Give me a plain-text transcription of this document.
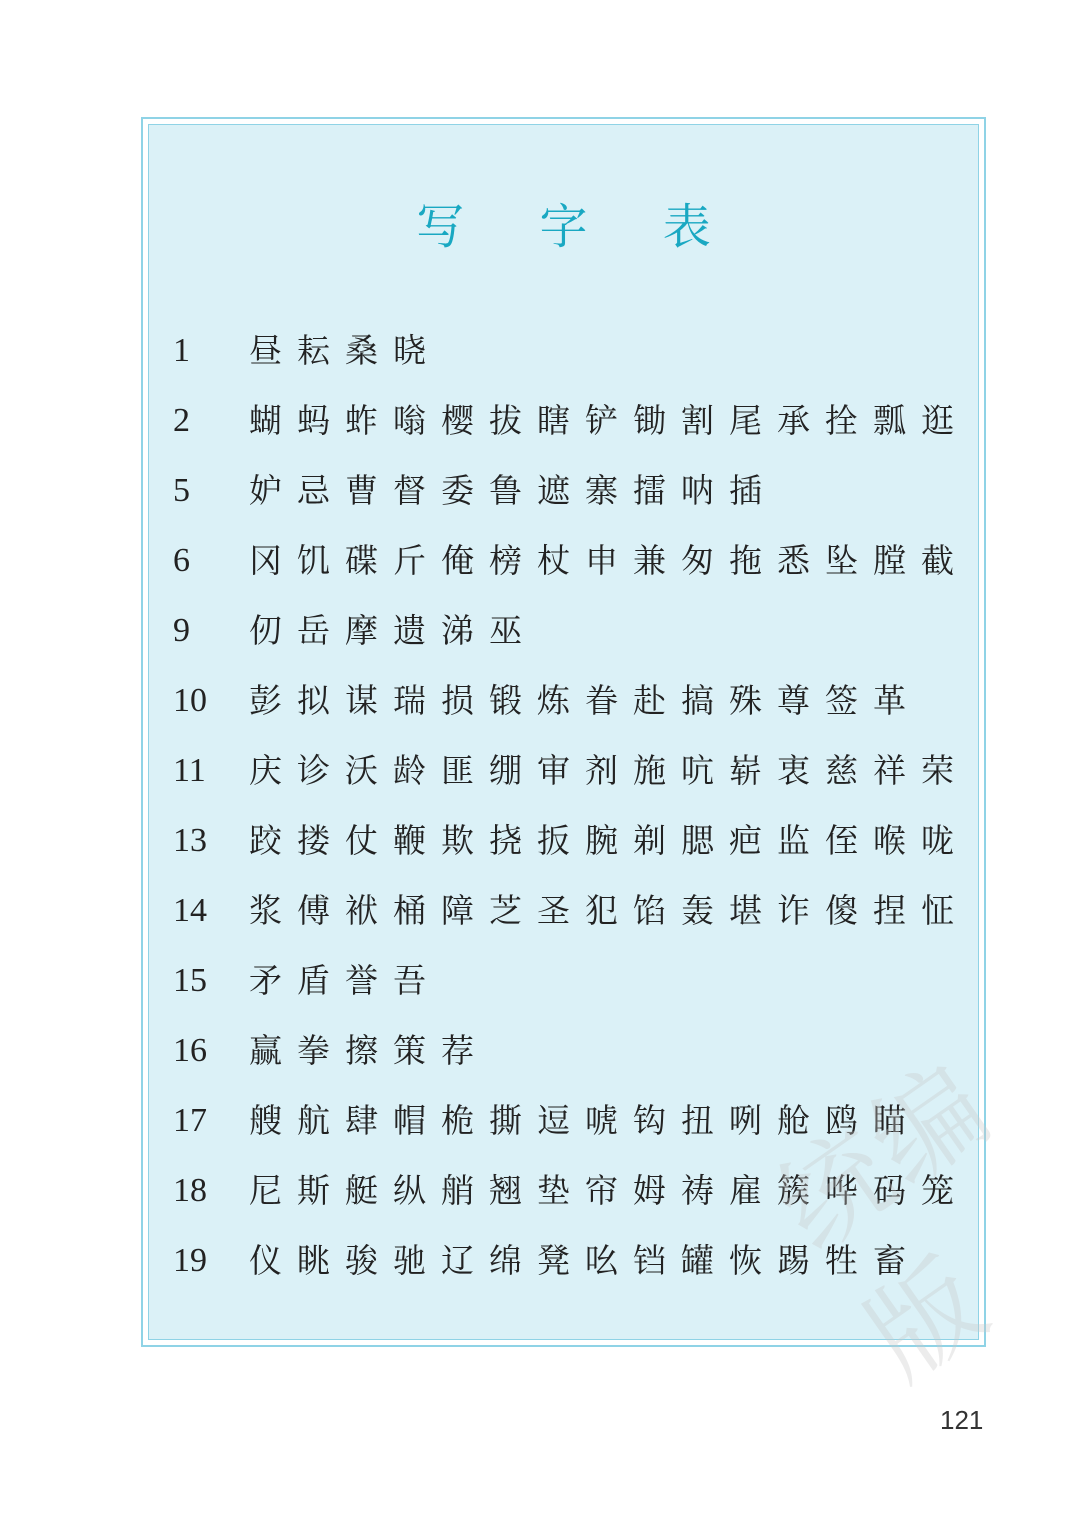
写 字 表
1	昼耘桑晓
2	蝴蚂蚱嗡樱拔瞎铲锄割尾承拴瓢逛
5	妒忌曹督委鲁遮寨擂呐插
6	冈饥碟斤俺榜杖申兼匆拖悉坠膛截
9	仞岳摩遗涕巫
10	彭拟谋瑞损锻炼眷赴搞殊尊签革
11	庆诊沃龄匪绷审剂施吭崭衷慈祥荣
13	跤搂仗鞭欺挠扳腕剃腮疤监侄喉咙
14	浆傅袱桶障芝圣犯馅轰堪诈傻捏怔
15	矛盾誉吾
16	赢拳擦策荐
17	艘航肆帽桅撕逗唬钩扭咧舱鸥瞄
18	尼斯艇纵艄翘垫帘姆祷雇簇哗码笼
19	仪眺骏驰辽绵凳吆铛罐恢踢牲畜
统编版
121
